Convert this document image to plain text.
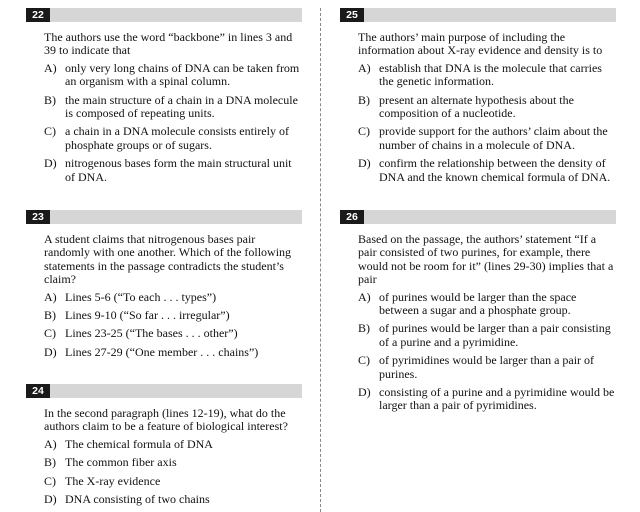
22
The authors use the word “backbone” in lines 3 and 39 to indicate that
A) only very long chains of DNA can be taken from an organism with a spinal column.
B) the main structure of a chain in a DNA molecule is composed of repeating units.
C) a chain in a DNA molecule consists entirely of phosphate groups or of sugars.
D) nitrogenous bases form the main structural unit of DNA.
23
A student claims that nitrogenous bases pair randomly with one another. Which of the following statements in the passage contradicts the student’s claim?
A) Lines 5-6 (“To each . . . types”)
B) Lines 9-10 (“So far . . . irregular”)
C) Lines 23-25 (“The bases . . . other”)
D) Lines 27-29 (“One member . . . chains”)
24
In the second paragraph (lines 12-19), what do the authors claim to be a feature of biological interest?
A) The chemical formula of DNA
B) The common fiber axis
C) The X-ray evidence
D) DNA consisting of two chains
25
The authors’ main purpose of including the information about X-ray evidence and density is to
A) establish that DNA is the molecule that carries the genetic information.
B) present an alternate hypothesis about the composition of a nucleotide.
C) provide support for the authors’ claim about the number of chains in a molecule of DNA.
D) confirm the relationship between the density of DNA and the known chemical formula of DNA.
26
Based on the passage, the authors’ statement “If a pair consisted of two purines, for example, there would not be room for it” (lines 29-30) implies that a pair
A) of purines would be larger than the space between a sugar and a phosphate group.
B) of purines would be larger than a pair consisting of a purine and a pyrimidine.
C) of pyrimidines would be larger than a pair of purines.
D) consisting of a purine and a pyrimidine would be larger than a pair of pyrimidines.
